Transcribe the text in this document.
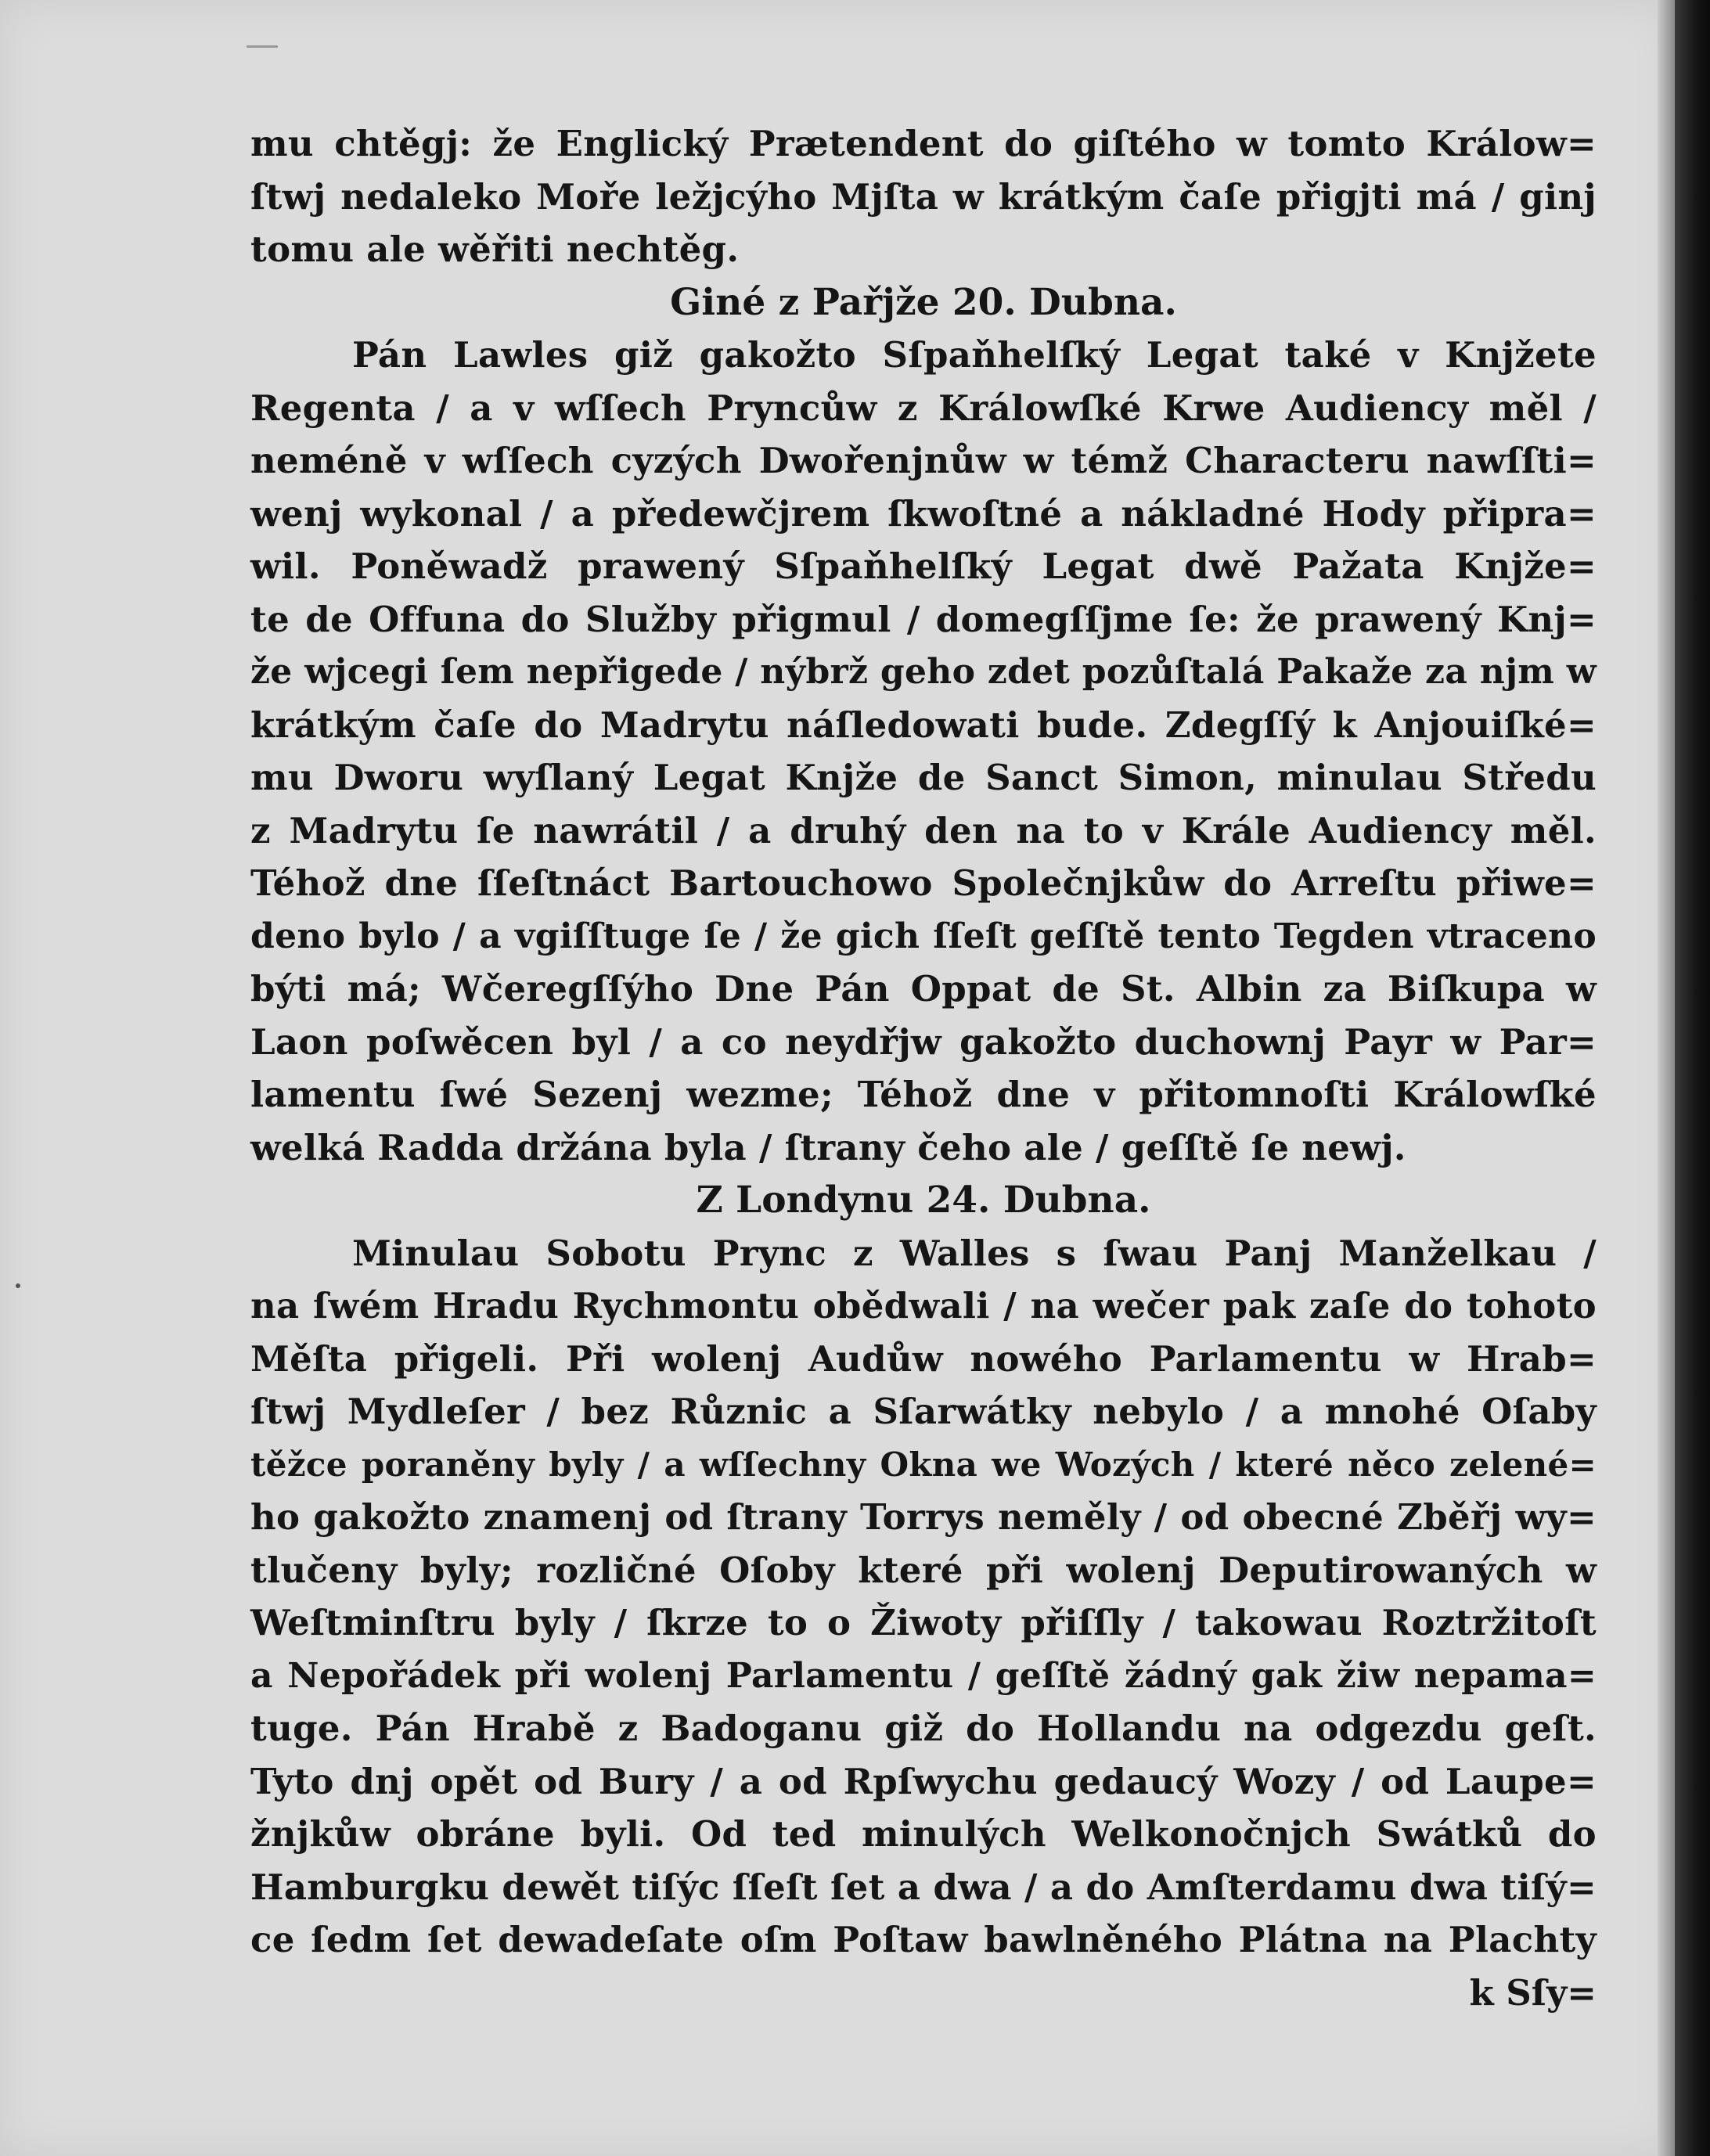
mu chtěgj: že Englický Prætendent do giſtého w tomto Králow=
ſtwj nedaleko Moře ležjcýho Mjſta w krátkým čaſe přigjti má / ginj
tomu ale wěřiti nechtěg.
Giné z Pařjže 20. Dubna.
Pán Lawles giž gakožto Sſpaňhelſký Legat také v Knjžete
Regenta / a v wſſech Pryncůw z Králowſké Krwe Audiency měl /
neméně v wſſech cyzých Dwořenjnůw w témž Characteru nawſſti=
wenj wykonal / a předewčjrem ſkwoſtné a nákladné Hody připra=
wil. Poněwadž prawený Sſpaňhelſký Legat dwě Pažata Knjže=
te de Offuna do Služby přigmul / domegſſjme ſe: že prawený Knj=
že wjcegi ſem nepřigede / nýbrž geho zdet pozůſtalá Pakaže za njm w
krátkým čaſe do Madrytu náſledowati bude. Zdegſſý k Anjouiſké=
mu Dworu wyſlaný Legat Knjže de Sanct Simon, minulau Středu
z Madrytu ſe nawrátil / a druhý den na to v Krále Audiency měl.
Téhož dne ſſeſtnáct Bartouchowo Společnjkůw do Arreſtu přiwe=
deno bylo / a vgiſſtuge ſe / že gich ſſeſt geſſtě tento Tegden vtraceno
býti má; Wčeregſſýho Dne Pán Oppat de St. Albin za Biſkupa w
Laon poſwěcen byl / a co neydřjw gakožto duchownj Payr w Par=
lamentu ſwé Sezenj wezme; Téhož dne v přitomnoſti Králowſké
welká Radda držána byla / ſtrany čeho ale / geſſtě ſe newj.
Z Londynu 24. Dubna.
Minulau Sobotu Prync z Walles s ſwau Panj Manželkau /
na ſwém Hradu Rychmontu obědwali / na wečer pak zaſe do tohoto
Měſta přigeli. Při wolenj Audůw nowého Parlamentu w Hrab=
ſtwj Mydleſer / bez Různic a Sſarwátky nebylo / a mnohé Oſaby
těžce poraněny byly / a wſſechny Okna we Wozých / které něco zelené=
ho gakožto znamenj od ſtrany Torrys neměly / od obecné Zběřj wy=
tlučeny byly; rozličné Oſoby které při wolenj Deputirowaných w
Weſtminſtru byly / ſkrze to o Žiwoty přiſſly / takowau Roztržitoſt
a Nepořádek při wolenj Parlamentu / geſſtě žádný gak žiw nepama=
tuge. Pán Hrabě z Badoganu giž do Hollandu na odgezdu geſt.
Tyto dnj opět od Bury / a od Rpſwychu gedaucý Wozy / od Laupe=
žnjkůw obráne byli. Od ted minulých Welkonočnjch Swátků do
Hamburgku dewět tiſýc ſſeſt ſet a dwa / a do Amſterdamu dwa tiſý=
ce ſedm ſet dewadeſate oſm Poſtaw bawlněného Plátna na Plachty
k Sſy=
